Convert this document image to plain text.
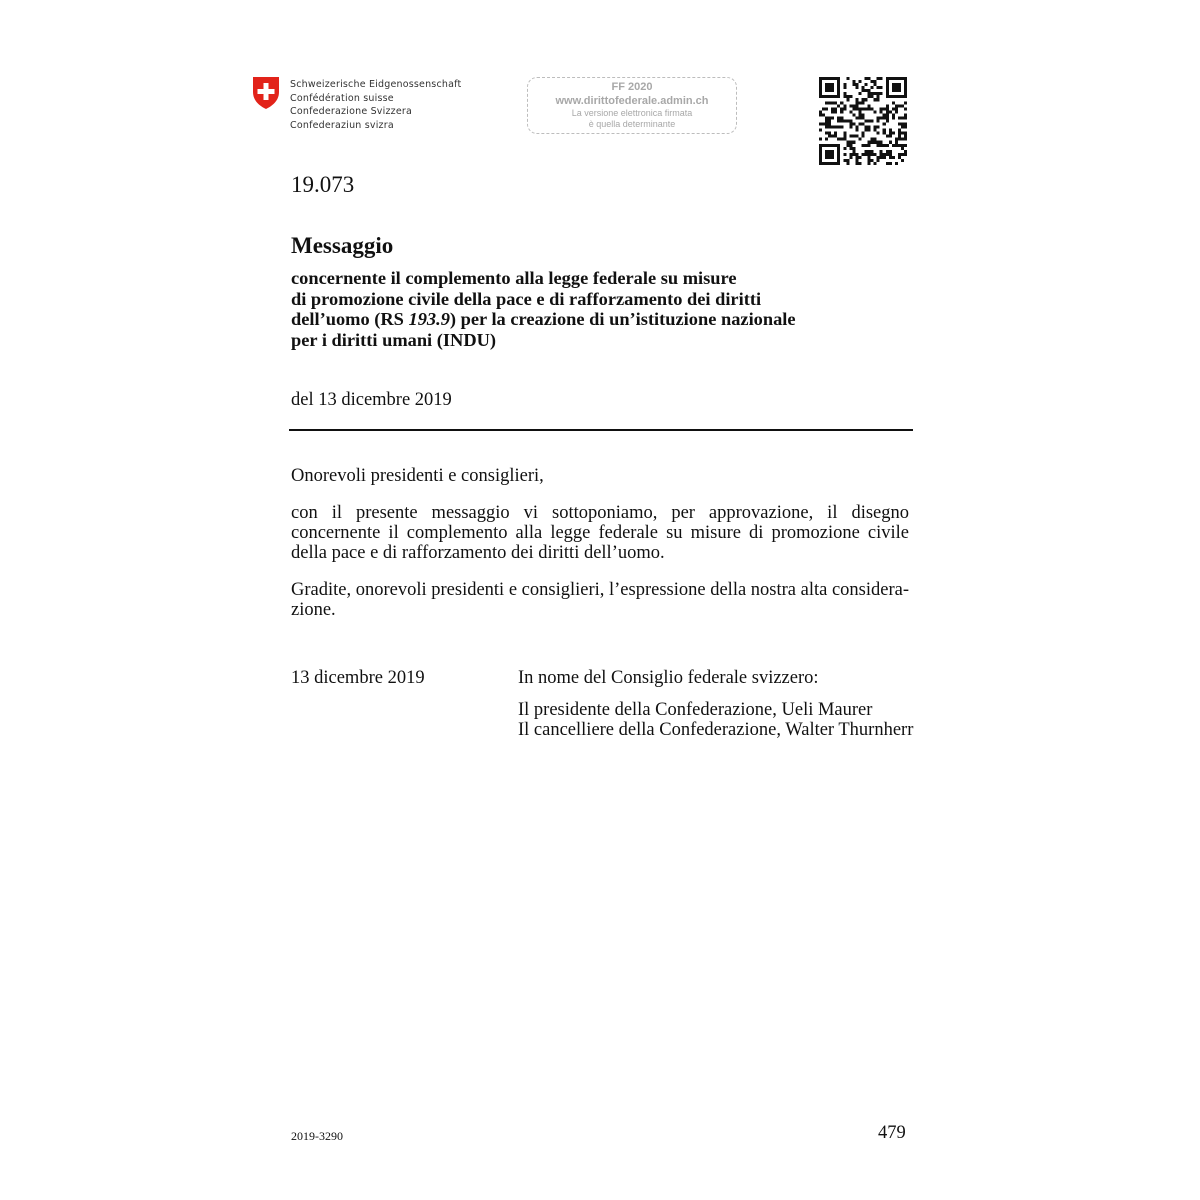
Schweizerische Eidgenossenschaft
Confédération suisse
Confederazione Svizzera
Confederaziun svizra
FF 2020
www.dirittofederale.admin.ch
La versione elettronica firmata
è quella determinante
19.073
Messaggio
concernente il complemento alla legge federale su misure
di promozione civile della pace e di rafforzamento dei diritti
dell’uomo (RS 193.9) per la creazione di un’istituzione nazionale
per i diritti umani (INDU)
del 13 dicembre 2019
Onorevoli presidenti e consiglieri,
con il presente messaggio vi sottoponiamo, per approvazione, il disegno concernente il complemento alla legge federale su misure di promozione civile della pace e di rafforzamento dei diritti dell’uomo.
Gradite, onorevoli presidenti e consiglieri, l’espressione della nostra alta considera-zione.
13 dicembre 2019	In nome del Consiglio federale svizzero:
Il presidente della Confederazione, Ueli Maurer
Il cancelliere della Confederazione, Walter Thurnherr
2019-3290	479
